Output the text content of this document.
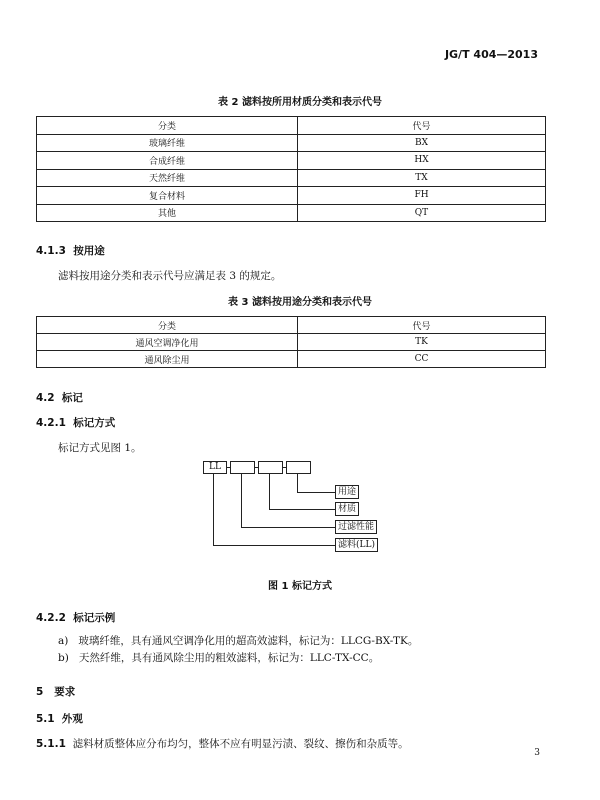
JG/T 404—2013
表 2 滤料按所用材质分类和表示代号
分类	代号
玻璃纤维	BX
合成纤维	HX
天然纤维	TX
复合材料	FH
其他	QT
4.1.3 按用途
滤料按用途分类和表示代号应满足表 3 的规定。
表 3 滤料按用途分类和表示代号
分类	代号
通风空调净化用	TK
通风除尘用	CC
4.2 标记
4.2.1 标记方式
标记方式见图 1。
LL
用途
材质
过滤性能
滤料(LL)
图 1 标记方式
4.2.2 标记示例
a) 玻璃纤维，具有通风空调净化用的超高效滤料，标记为：LLCG-BX-TK。
b) 天然纤维，具有通风除尘用的粗效滤料，标记为：LLC-TX-CC。
5 要求
5.1 外观
5.1.1 滤料材质整体应分布均匀，整体不应有明显污渍、裂纹、擦伤和杂质等。
3
